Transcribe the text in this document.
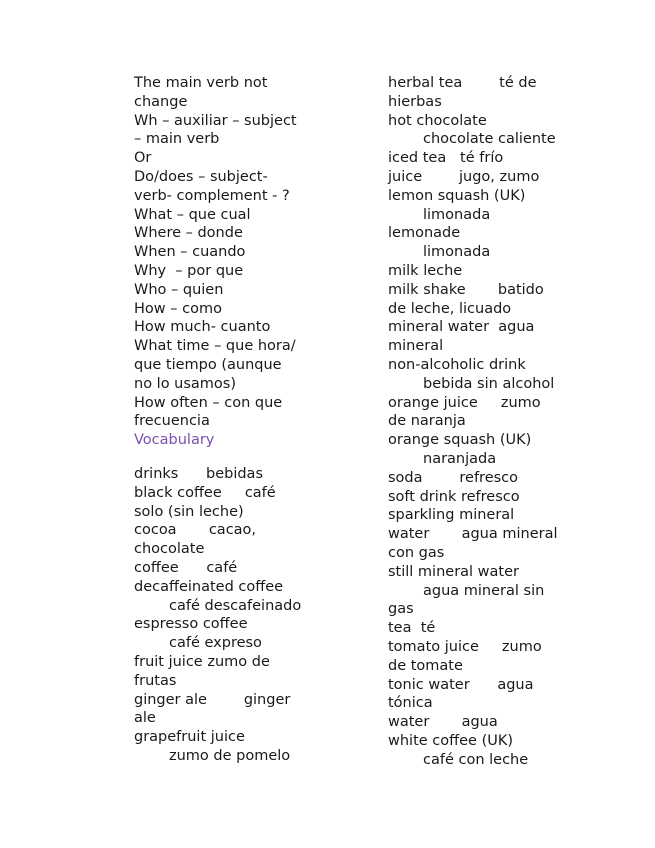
The main verb not
change
Wh – auxiliar – subject
– main verb
Or
Do/does – subject-
verb- complement - ?
What – que cual
Where – donde
When – cuando
Why  – por que
Who – quien
How – como
How much- cuanto
What time – que hora/
que tiempo (aunque
no lo usamos)
How often – con que
frecuencia
Vocabulary
drinks      bebidas
black coffee     café
solo (sin leche)
cocoa       cacao,
chocolate
coffee      café
decaffeinated coffee
café descafeinado
espresso coffee
café expreso
fruit juice zumo de
frutas
ginger ale        ginger
ale
grapefruit juice
zumo de pomelo
herbal tea        té de
hierbas
hot chocolate
chocolate caliente
iced tea   té frío
juice        jugo, zumo
lemon squash (UK)
limonada
lemonade
limonada
milk leche
milk shake       batido
de leche, licuado
mineral water  agua
mineral
non-alcoholic drink
bebida sin alcohol
orange juice     zumo
de naranja
orange squash (UK)
naranjada
soda        refresco
soft drink refresco
sparkling mineral
water       agua mineral
con gas
still mineral water
agua mineral sin
gas
tea  té
tomato juice     zumo
de tomate
tonic water      agua
tónica
water       agua
white coffee (UK)
café con leche
